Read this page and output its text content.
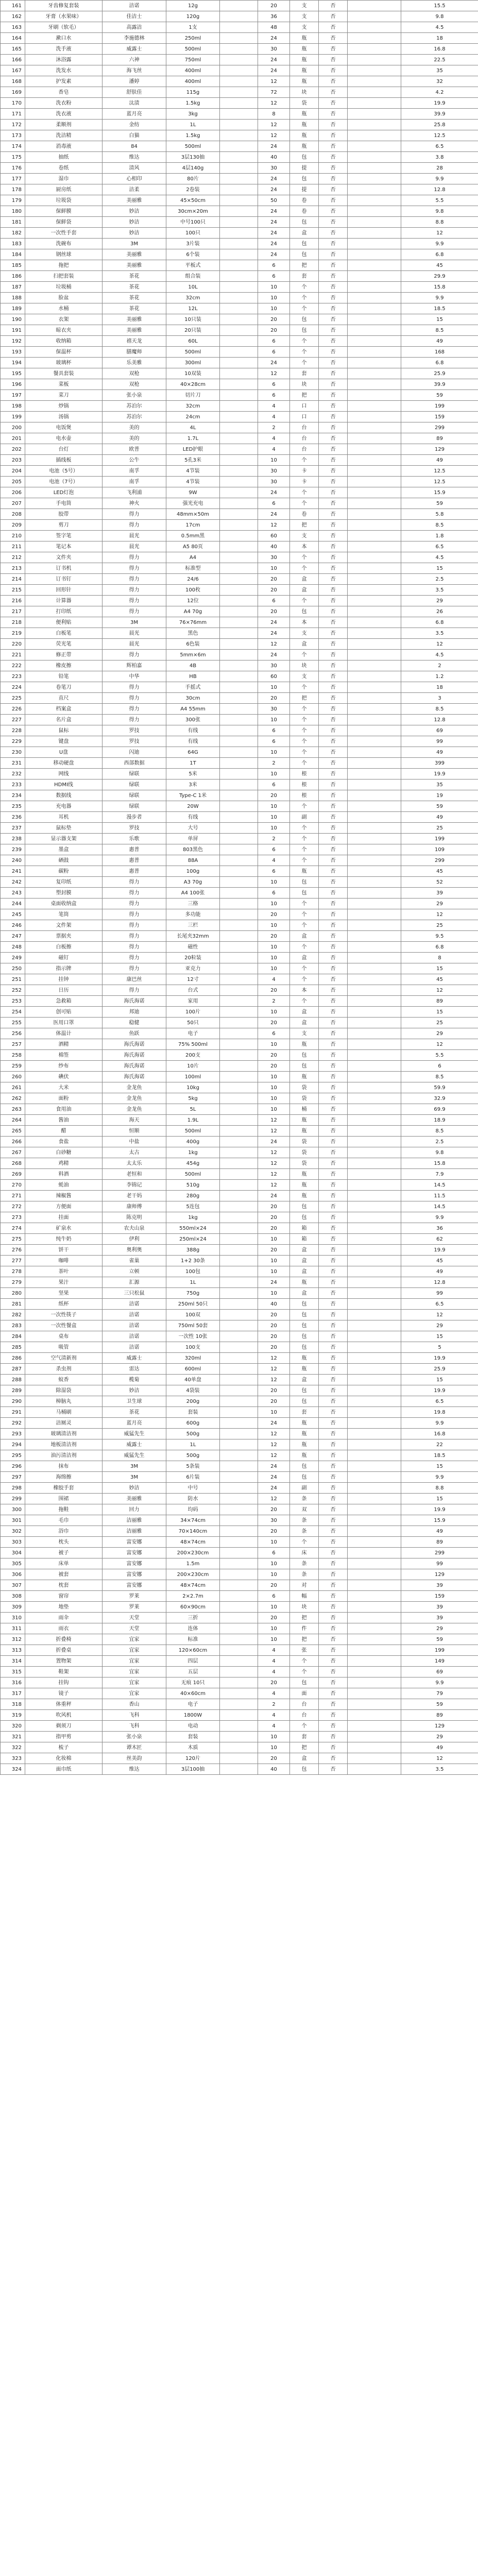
161	牙齿修复套装	洁诺	12g		20	支	否		15.5
162	牙膏（水果味）	佳洁士	120g		36	支	否		9.8
163	牙刷（软毛）	高露洁	1支		48	支	否		4.5
164	漱口水	李施德林	250ml		24	瓶	否		18
165	洗手液	威露士	500ml		30	瓶	否		16.8
166	沐浴露	六神	750ml		24	瓶	否		22.5
167	洗发水	海飞丝	400ml		24	瓶	否		35
168	护发素	潘婷	400ml		12	瓶	否		32
169	香皂	舒肤佳	115g		72	块	否		4.2
170	洗衣粉	汰渍	1.5kg		12	袋	否		19.9
171	洗衣液	蓝月亮	3kg		8	瓶	否		39.9
172	柔顺剂	金纺	1L		12	瓶	否		25.8
173	洗洁精	白猫	1.5kg		12	瓶	否		12.5
174	消毒液	84	500ml		24	瓶	否		6.5
175	抽纸	维达	3层130抽		40	包	否		3.8
176	卷纸	清风	4层140g		30	提	否		28
177	湿巾	心相印	80片		24	包	否		9.9
178	厨房纸	洁柔	2卷装		24	提	否		12.8
179	垃圾袋	美丽雅	45×50cm		50	卷	否		5.5
180	保鲜膜	妙洁	30cm×20m		24	卷	否		9.8
181	保鲜袋	妙洁	中号100只		24	包	否		8.8
182	一次性手套	妙洁	100只		24	盒	否		12
183	洗碗布	3M	3片装		24	包	否		9.9
184	钢丝球	美丽雅	6个装		24	包	否		6.8
185	拖把	美丽雅	平板式		6	把	否		45
186	扫把套装	茶花	组合装		6	套	否		29.9
187	垃圾桶	茶花	10L		10	个	否		15.8
188	脸盆	茶花	32cm		10	个	否		9.9
189	水桶	茶花	12L		10	个	否		18.5
190	衣架	美丽雅	10只装		20	包	否		15
191	晾衣夹	美丽雅	20只装		20	包	否		8.5
192	收纳箱	禧天龙	60L		6	个	否		49
193	保温杯	膳魔师	500ml		6	个	否		168
194	玻璃杯	乐美雅	300ml		24	个	否		6.8
195	餐具套装	双枪	10双装		12	套	否		25.9
196	菜板	双枪	40×28cm		6	块	否		39.9
197	菜刀	张小泉	切片刀		6	把	否		59
198	炒锅	苏泊尔	32cm		4	口	否		199
199	汤锅	苏泊尔	24cm		4	口	否		159
200	电饭煲	美的	4L		2	台	否		299
201	电水壶	美的	1.7L		4	台	否		89
202	台灯	欧普	LED护眼		4	台	否		129
203	插线板	公牛	5孔3米		10	个	否		49
204	电池（5号）	南孚	4节装		30	卡	否		12.5
205	电池（7号）	南孚	4节装		30	卡	否		12.5
206	LED灯泡	飞利浦	9W		24	个	否		15.9
207	手电筒	神火	强光充电		6	个	否		59
208	胶带	得力	48mm×50m		24	卷	否		5.8
209	剪刀	得力	17cm		12	把	否		8.5
210	签字笔	晨光	0.5mm黑		60	支	否		1.8
211	笔记本	晨光	A5 80页		40	本	否		6.5
212	文件夹	得力	A4		30	个	否		4.5
213	订书机	得力	标准型		10	个	否		15
214	订书钉	得力	24/6		20	盒	否		2.5
215	回形针	得力	100枚		20	盒	否		3.5
216	计算器	得力	12位		6	个	否		29
217	打印纸	得力	A4 70g		20	包	否		26
218	便利贴	3M	76×76mm		24	本	否		6.8
219	白板笔	晨光	黑色		24	支	否		3.5
220	荧光笔	晨光	6色装		12	盒	否		12
221	修正带	得力	5mm×6m		24	个	否		4.5
222	橡皮擦	辉柏嘉	4B		30	块	否		2
223	铅笔	中华	HB		60	支	否		1.2
224	卷笔刀	得力	手摇式		10	个	否		18
225	直尺	得力	30cm		20	把	否		3
226	档案盒	得力	A4 55mm		30	个	否		8.5
227	名片盒	得力	300张		10	个	否		12.8
228	鼠标	罗技	有线		6	个	否		69
229	键盘	罗技	有线		6	个	否		99
230	U盘	闪迪	64G		10	个	否		49
231	移动硬盘	西部数据	1T		2	个	否		399
232	网线	绿联	5米		10	根	否		19.9
233	HDMI线	绿联	3米		6	根	否		35
234	数据线	绿联	Type-C 1米		20	根	否		19
235	充电器	绿联	20W		10	个	否		59
236	耳机	漫步者	有线		10	副	否		49
237	鼠标垫	罗技	大号		10	个	否		25
238	显示器支架	乐歌	单屏		2	个	否		199
239	墨盒	惠普	803黑色		6	个	否		109
240	硒鼓	惠普	88A		4	个	否		299
241	碳粉	惠普	100g		6	瓶	否		45
242	复印纸	得力	A3 70g		10	包	否		52
243	塑封膜	得力	A4 100张		6	包	否		39
244	桌面收纳盒	得力	三格		10	个	否		29
245	笔筒	得力	多功能		20	个	否		12
246	文件架	得力	三栏		10	个	否		25
247	票据夹	得力	长尾夹32mm		20	盒	否		9.5
248	白板擦	得力	磁性		10	个	否		6.8
249	磁钉	得力	20粒装		10	盒	否		8
250	指示牌	得力	亚克力		10	个	否		15
251	挂钟	康巴丝	12寸		4	个	否		45
252	日历	得力	台式		20	本	否		12
253	急救箱	海氏海诺	家用		2	个	否		89
254	创可贴	邦迪	100片		10	盒	否		15
255	医用口罩	稳健	50只		20	盒	否		25
256	体温计	鱼跃	电子		6	支	否		29
257	酒精	海氏海诺	75% 500ml		10	瓶	否		12
258	棉签	海氏海诺	200支		20	包	否		5.5
259	纱布	海氏海诺	10片		20	包	否		6
260	碘伏	海氏海诺	100ml		10	瓶	否		8.5
261	大米	金龙鱼	10kg		10	袋	否		59.9
262	面粉	金龙鱼	5kg		10	袋	否		32.9
263	食用油	金龙鱼	5L		10	桶	否		69.9
264	酱油	海天	1.9L		12	瓶	否		18.9
265	醋	恒顺	500ml		12	瓶	否		8.5
266	食盐	中盐	400g		24	袋	否		2.5
267	白砂糖	太古	1kg		12	袋	否		9.8
268	鸡精	太太乐	454g		12	袋	否		15.8
269	料酒	老恒和	500ml		12	瓶	否		7.9
270	蚝油	李锦记	510g		12	瓶	否		14.5
271	辣椒酱	老干妈	280g		24	瓶	否		11.5
272	方便面	康师傅	5连包		20	包	否		14.5
273	挂面	陈克明	1kg		20	包	否		9.9
274	矿泉水	农夫山泉	550ml×24		20	箱	否		36
275	纯牛奶	伊利	250ml×24		10	箱	否		62
276	饼干	奥利奥	388g		20	盒	否		19.9
277	咖啡	雀巢	1+2 30条		10	盒	否		45
278	茶叶	立顿	100包		10	盒	否		49
279	果汁	汇源	1L		24	瓶	否		12.8
280	坚果	三只松鼠	750g		10	盒	否		99
281	纸杯	洁诺	250ml 50只		40	包	否		6.5
282	一次性筷子	洁诺	100双		20	包	否		12
283	一次性餐盒	洁诺	750ml 50套		20	包	否		29
284	桌布	洁诺	一次性 10张		20	包	否		15
285	吸管	洁诺	100支		20	包	否		5
286	空气清新剂	威露士	320ml		12	瓶	否		19.9
287	杀虫剂	雷达	600ml		12	瓶	否		25.9
288	蚊香	榄菊	40单盘		12	盒	否		15
289	除湿袋	妙洁	4袋装		20	包	否		19.9
290	樟脑丸	卫生球	200g		20	包	否		6.5
291	马桶刷	茶花	套装		10	套	否		19.8
292	洁厕灵	蓝月亮	600g		24	瓶	否		9.9
293	玻璃清洁剂	威猛先生	500g		12	瓶	否		16.8
294	地板清洁剂	威露士	1L		12	瓶	否		22
295	油污清洁剂	威猛先生	500g		12	瓶	否		18.5
296	抹布	3M	5条装		24	包	否		15
297	海绵擦	3M	6片装		24	包	否		9.9
298	橡胶手套	妙洁	中号		24	副	否		8.8
299	围裙	美丽雅	防水		12	条	否		15
300	拖鞋	回力	均码		20	双	否		19.9
301	毛巾	洁丽雅	34×74cm		30	条	否		15.9
302	浴巾	洁丽雅	70×140cm		20	条	否		49
303	枕头	富安娜	48×74cm		10	个	否		89
304	被子	富安娜	200×230cm		6	床	否		299
305	床单	富安娜	1.5m		10	条	否		99
306	被套	富安娜	200×230cm		10	条	否		129
307	枕套	富安娜	48×74cm		20	对	否		39
308	窗帘	罗莱	2×2.7m		6	幅	否		159
309	地垫	罗莱	60×90cm		10	块	否		39
310	雨伞	天堂	三折		20	把	否		39
311	雨衣	天堂	连体		10	件	否		29
312	折叠椅	宜家	标准		10	把	否		59
313	折叠桌	宜家	120×60cm		4	张	否		199
314	置物架	宜家	四层		4	个	否		149
315	鞋架	宜家	五层		4	个	否		69
316	挂钩	宜家	无痕 10只		20	包	否		9.9
317	镜子	宜家	40×60cm		4	面	否		79
318	体重秤	香山	电子		2	台	否		59
319	吹风机	飞科	1800W		4	台	否		89
320	剃须刀	飞科	电动		4	个	否		129
321	指甲剪	张小泉	套装		10	套	否		29
322	梳子	谭木匠	木质		10	把	否		49
323	化妆棉	丝美韵	120片		20	盒	否		12
324	面巾纸	维达	3层100抽		40	包	否		3.5
